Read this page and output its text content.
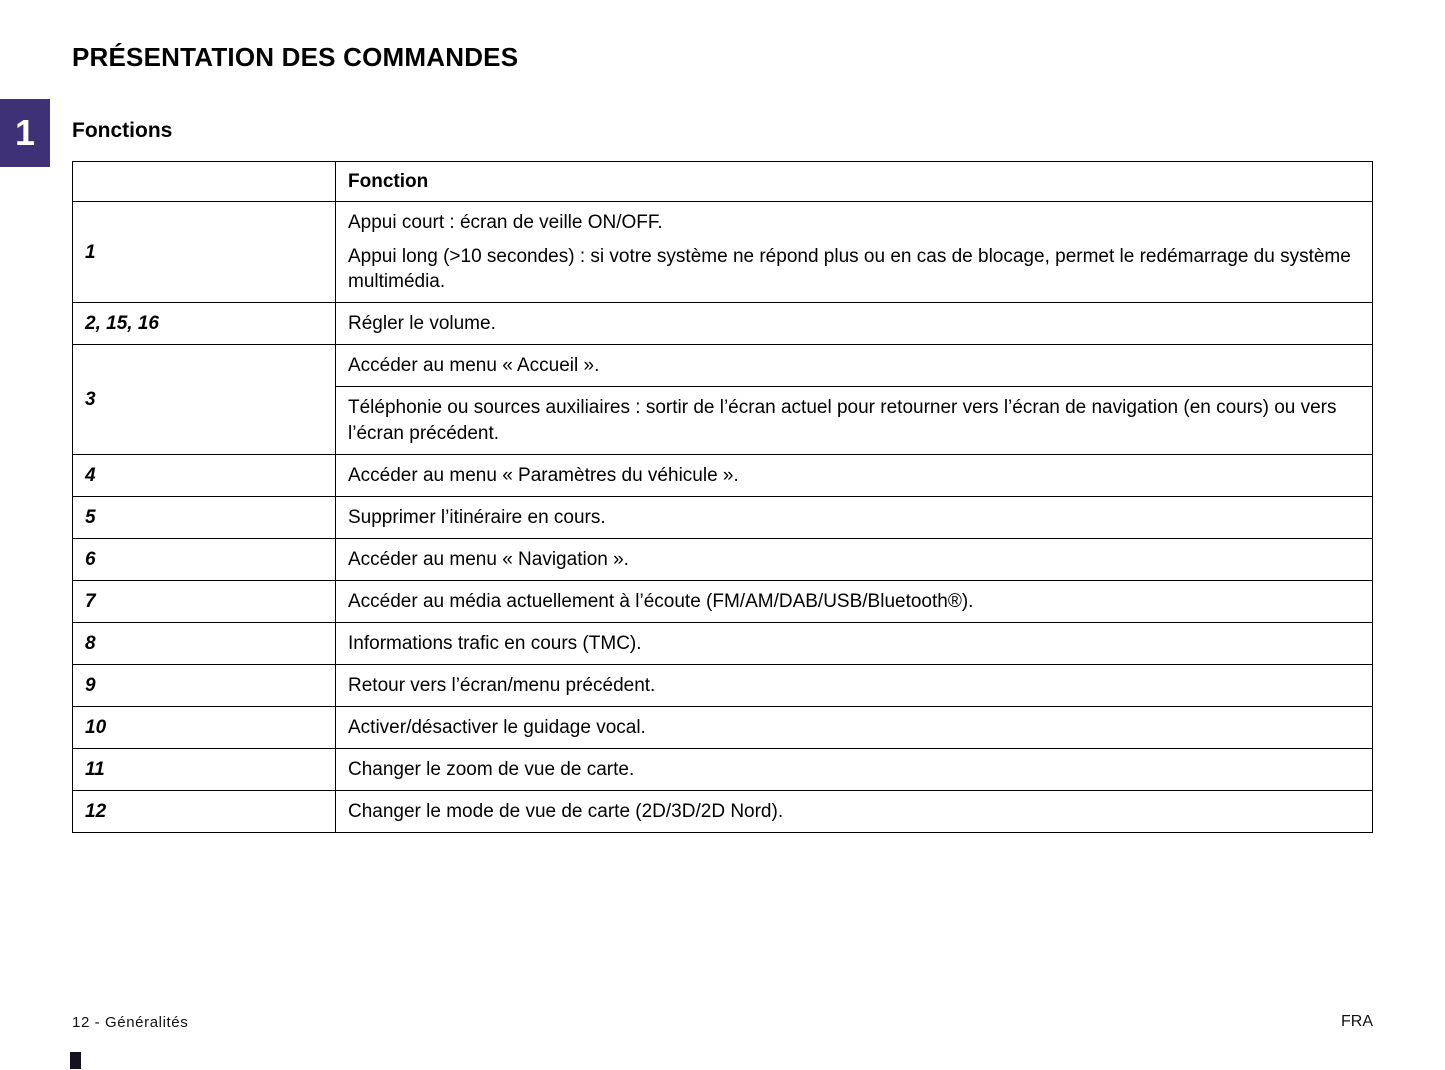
1
PRÉSENTATION DES COMMANDES
Fonctions
	Fonction
1	Appui court : écran de veille ON/OFF.

Appui long (>10 secondes) : si votre système ne répond plus ou en cas de blocage, permet le redémarrage du système multimédia.

2, 15, 16	Régler le volume.
3	Accéder au menu « Accueil ».
	Téléphonie ou sources auxiliaires : sortir de l’écran actuel pour retourner vers l’écran de navigation (en cours) ou vers l’écran précédent.
4	Accéder au menu « Paramètres du véhicule ».
5	Supprimer l’itinéraire en cours.
6	Accéder au menu « Navigation ».
7	Accéder au média actuellement à l’écoute (FM/AM/DAB/USB/Bluetooth®).
8	Informations trafic en cours (TMC).
9	Retour vers l’écran/menu précédent.
10	Activer/désactiver le guidage vocal.
11	Changer le zoom de vue de carte.
12	Changer le mode de vue de carte (2D/3D/2D Nord).
12 - Généralités	FRA
